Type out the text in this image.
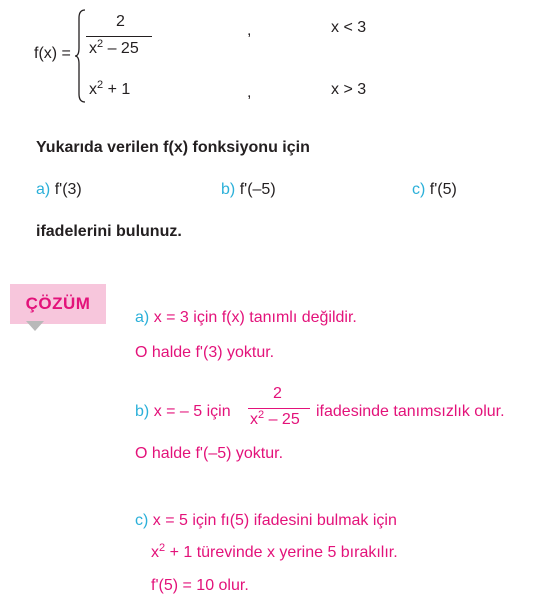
f(x) =
2
$x^2 - 25$
,	x < 3
$x^2 + 1$	,	x > 3
Yukarıda verilen f(x) fonksiyonu için
a) f'(3)	b) f'(–5)	c) f'(5)
ifadelerini bulunuz.
ÇÖZÜM
a) x = 3 için f(x) tanımlı değildir.
O halde f'(3) yoktur.
b) x = – 5 için
2
$x^2 - 25$ ifadesinde tanımsızlık olur.
O halde f'(–5) yoktur.
c) x = 5 için fı(5) ifadesini bulmak için
$x^2 + 1$ türevinde x yerine 5 bırakılır.
f'(5) = 10 olur.
